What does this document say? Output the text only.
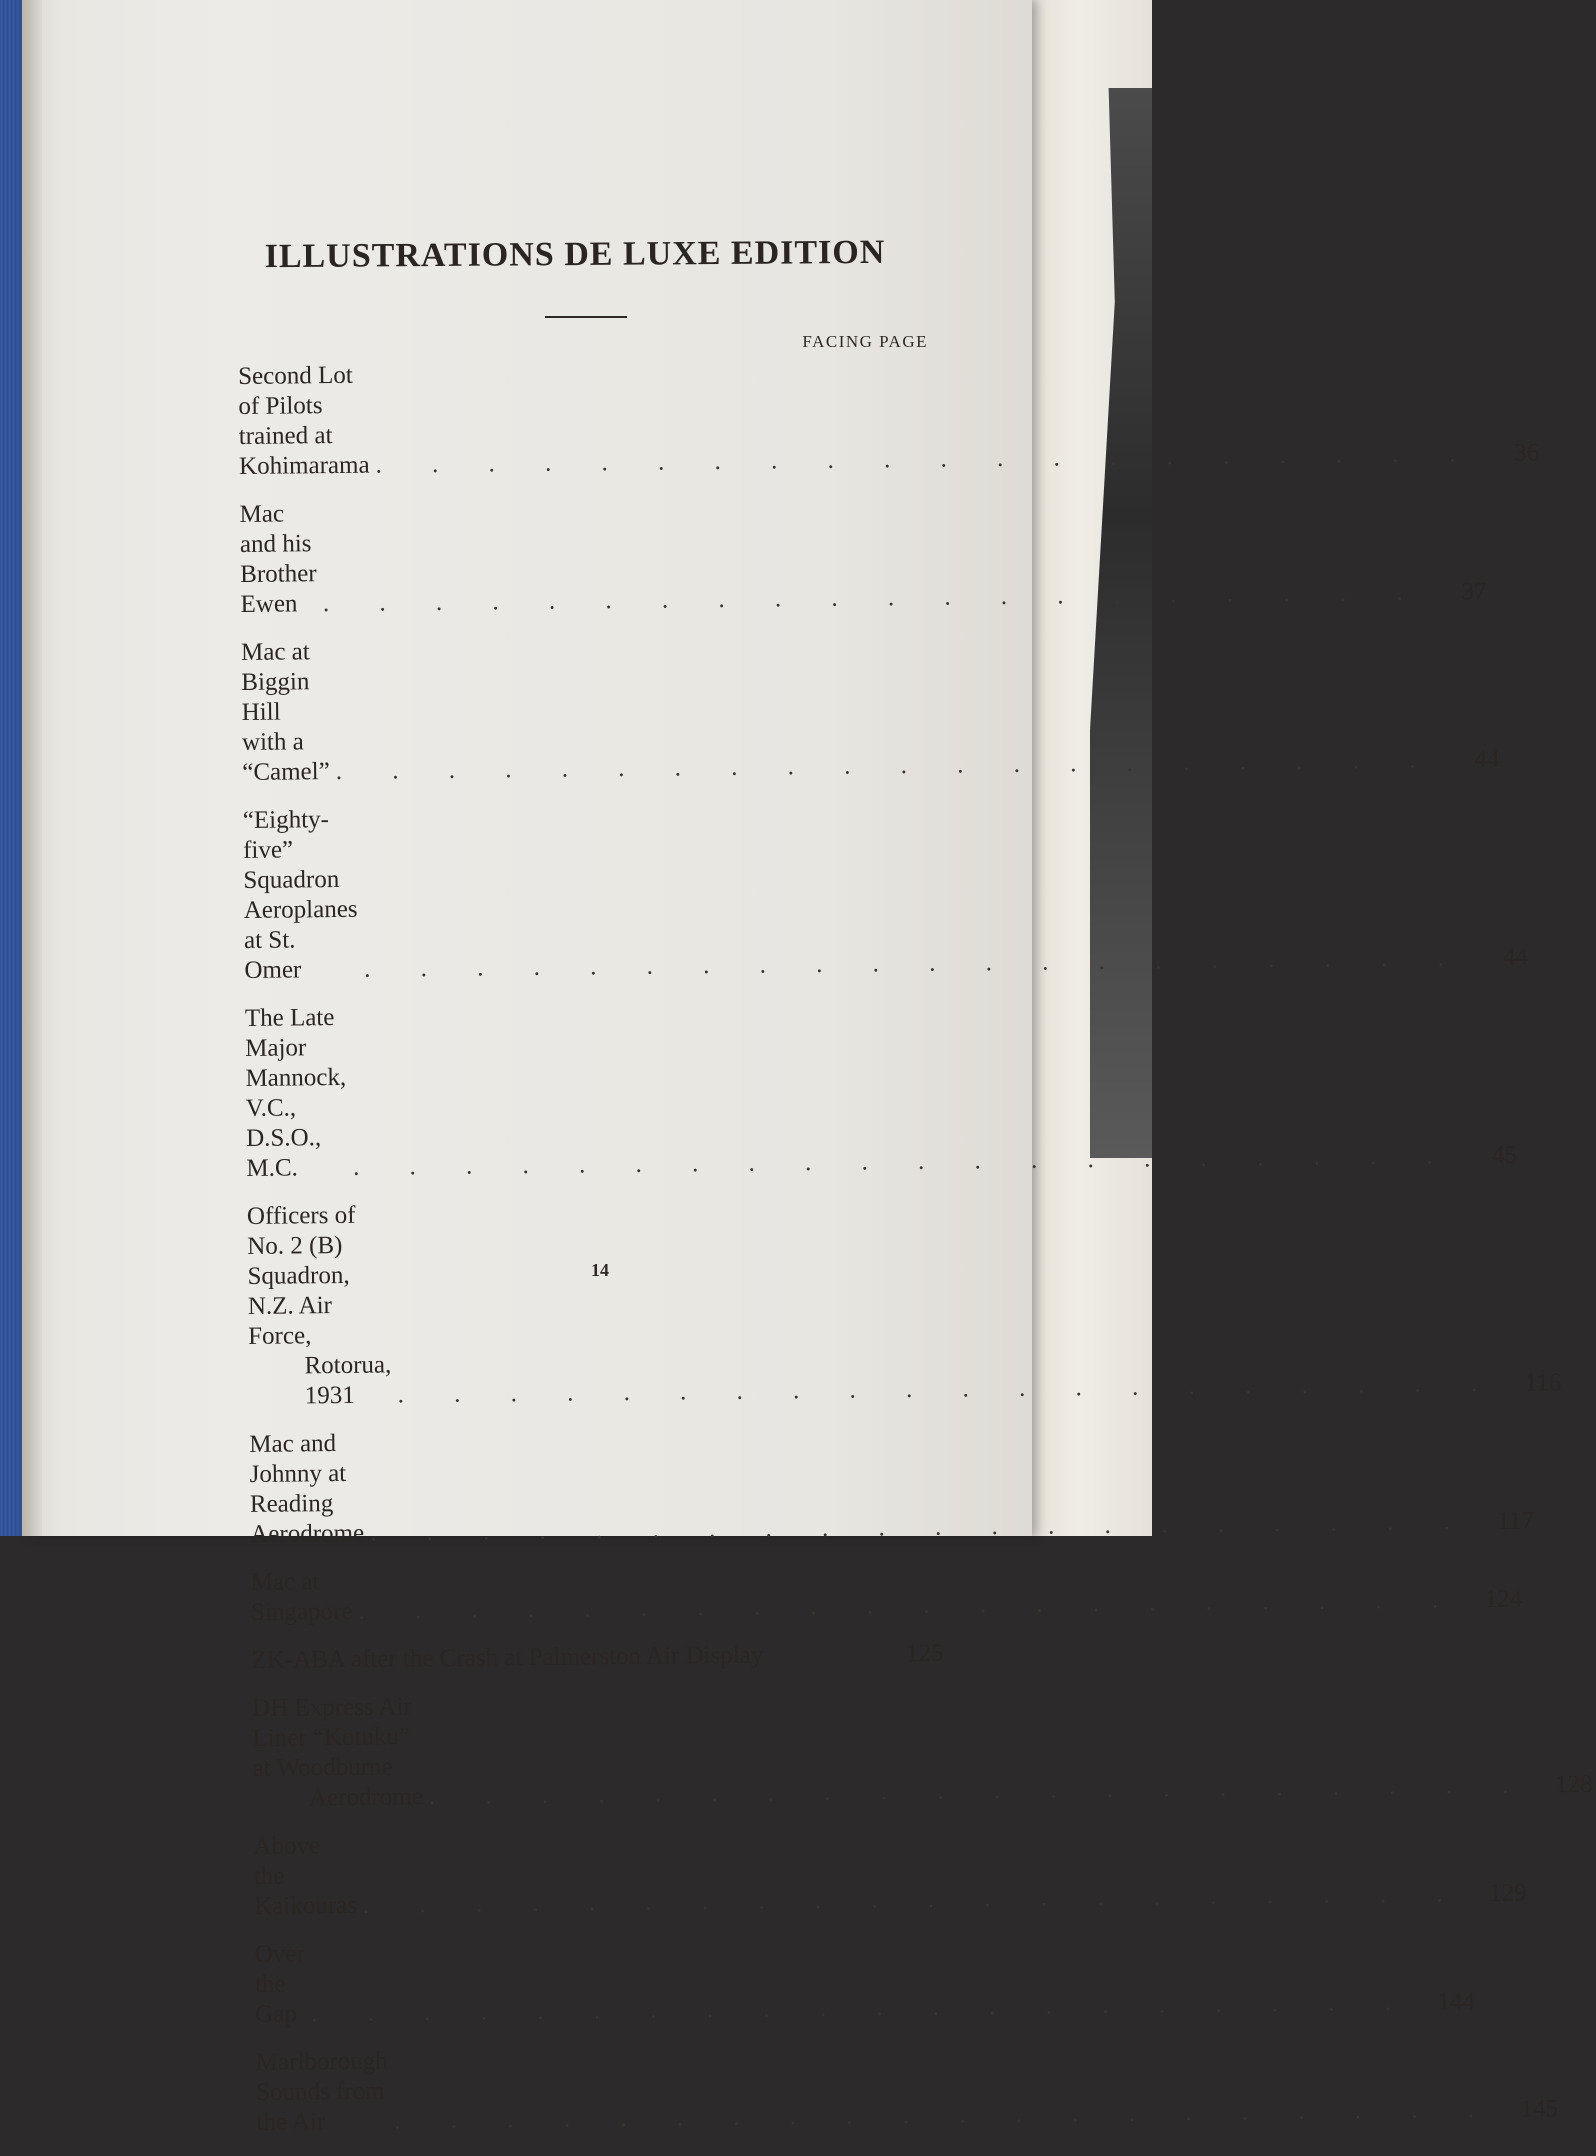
ILLUSTRATIONS DE LUXE EDITION
FACING PAGE
Second Lot of Pilots trained at Kohimarama . . . . . . . . . . . . . . . . . . . .	36
Mac and his Brother Ewen	. . . . . . . . . . . . . . . . . . . .	37
Mac at Biggin Hill with a “Camel” . . . . . . . . . . . . . . . . . . . .	44
“Eighty-five” Squadron Aeroplanes at St. Omer	. . . . . . . . . . . . . . . . . . . .	44
The Late Major Mannock, V.C., D.S.O., M.C.	. . . . . . . . . . . . . . . . . . . .	45
Officers of No. 2 (B) Squadron, N.Z. Air Force,
Rotorua, 1931	. . . . . . . . . . . . . . . . . . . .	116
Mac and Johnny at Reading Aerodrome . . . . . . . . . . . . . . . . . . . .	117
Mac at Singapore . . . . . . . . . . . . . . . . . . . . 124
ZK-ABA after the Crash at Palmerston Air Display	125
DH Express Air Liner “Kotuku” at Woodburne
Aerodrome . . . . . . . . . . . . . . . . . . . . 128
Above the Kaikouras . . . . . . . . . . . . . . . . . . . . 129
Over the Gap . . . . . . . . . . . . . . . . . . . . 144
Marlborough Sounds from the Air	. . . . . . . . . . . . . . . . . . . . 145
14
